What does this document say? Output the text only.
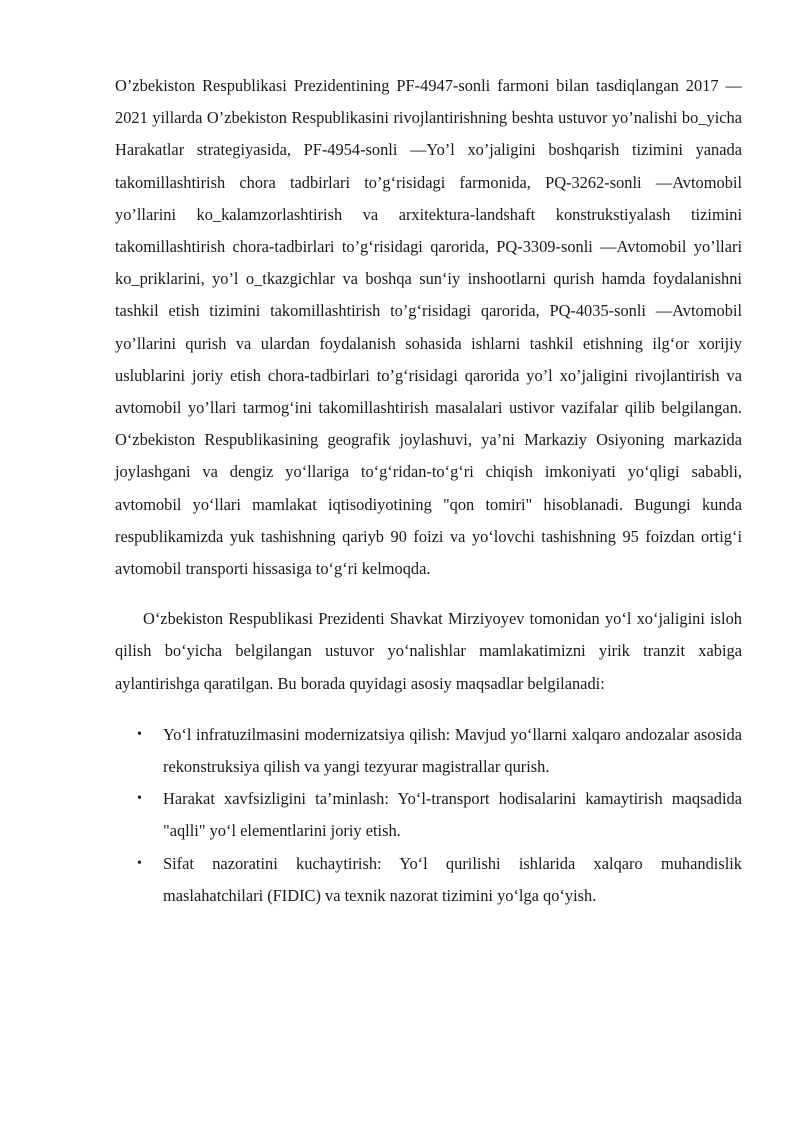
O’zbekiston Respublikasi Prezidentining PF-4947-sonli farmoni bilan tasdiqlangan 2017 — 2021 yillarda O’zbekiston Respublikasini rivojlantirishning beshta ustuvor yo’nalishi bo_yicha Harakatlar strategiyasida, PF-4954-sonli —Yo’l xo’jaligini boshqarish tizimini yanada takomillashtirish chora tadbirlari to’g‘risidagi farmonida, PQ-3262-sonli —Avtomobil yo’llarini ko_kalamzorlashtirish va arxitektura-landshaft konstrukstiyalash tizimini takomillashtirish chora-tadbirlari to’g‘risidagi qarorida, PQ-3309-sonli —Avtomobil yo’llari ko_priklarini, yo’l o_tkazgichlar va boshqa sun‘iy inshootlarni qurish hamda foydalanishni tashkil etish tizimini takomillashtirish to’g‘risidagi qarorida, PQ-4035-sonli —Avtomobil yo’llarini qurish va ulardan foydalanish sohasida ishlarni tashkil etishning ilg‘or xorijiy uslublarini joriy etish chora-tadbirlari to’g‘risidagi qarorida yo’l xo’jaligini rivojlantirish va avtomobil yo’llari tarmog‘ini takomillashtirish masalalari ustivor vazifalar qilib belgilangan. O‘zbekiston Respublikasining geografik joylashuvi, ya’ni Markaziy Osiyoning markazida joylashgani va dengiz yo‘llariga to‘g‘ridan-to‘g‘ri chiqish imkoniyati yo‘qligi sababli, avtomobil yo‘llari mamlakat iqtisodiyotining "qon tomiri" hisoblanadi. Bugungi kunda respublikamizda yuk tashishning qariyb 90 foizi va yo‘lovchi tashishning 95 foizdan ortig‘i avtomobil transporti hissasiga to‘g‘ri kelmoqda.

O‘zbekiston Respublikasi Prezidenti Shavkat Mirziyoyev tomonidan yo‘l xo‘jaligini isloh qilish bo‘yicha belgilangan ustuvor yo‘nalishlar mamlakatimizni yirik tranzit xabiga aylantirishga qaratilgan. Bu borada quyidagi asosiy maqsadlar belgilanadi:

• Yo‘l infratuzilmasini modernizatsiya qilish: Mavjud yo‘llarni xalqaro andozalar asosida rekonstruksiya qilish va yangi tezyurar magistrallar qurish.
• Harakat xavfsizligini ta’minlash: Yo‘l-transport hodisalarini kamaytirish maqsadida "aqlli" yo‘l elementlarini joriy etish.
• Sifat nazoratini kuchaytirish: Yo‘l qurilishi ishlarida xalqaro muhandislik maslahatchilari (FIDIC) va texnik nazorat tizimini yo‘lga qo‘yish.
